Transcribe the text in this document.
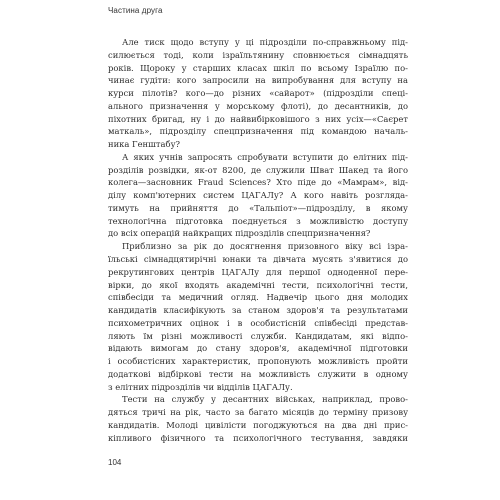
Частина друга

Але тиск щодо вступу у ці підрозділи по-справжньому під-
силюється тоді, коли ізраїльтянину сповнюється сімнадцять
років. Щороку у старших класах шкіл по всьому Ізраїлю по-
чинає гудіти: кого запросили на випробування для вступу на
курси пілотів? кого—до різних «сайарот» (підрозділи спеці-
ального призначення у морському флоті), до десантників, до
піхотних бригад, ну і до найвибірковішого з них усіх—«Саєрет
маткаль», підрозділу спецпризначення під командою началь-
ника Генштабу?

А яких учнів запросять спробувати вступити до елітних під-
розділів розвідки, як-от 8200, де служили Шват Шакед та його
колега—засновник Fraud Sciences? Хто піде до «Мамрам», від-
ділу комп'ютерних систем ЦАГАЛу? А кого навіть розгляда-
тимуть на прийняття до «Тальпіот»—підрозділу, в якому
технологічна підготовка поєднується з можливістю доступу
до всіх операцій найкращих підрозділів спецпризначення?

Приблизно за рік до досягнення призовного віку всі ізра-
їльські сімнадцятирічні юнаки та дівчата мусять з'явитися до
рекрутингових центрів ЦАГАЛу для першої одноденної пере-
вірки, до якої входять академічні тести, психологічні тести,
співбесіди та медичний огляд. Надвечір цього дня молодих
кандидатів класифікують за станом здоров'я та результатами
психометричних оцінок і в особистісній співбесіді представ-
ляють їм різні можливості служби. Кандидатам, які відпо-
відають вимогам до стану здоров'я, академічної підготовки
і особистісних характеристик, пропонують можливість пройти
додаткові відбіркові тести на можливість служити в одному
з елітних підрозділів чи відділів ЦАГАЛу.

Тести на службу у десантних військах, наприклад, прово-
дяться тричі на рік, часто за багато місяців до терміну призову
кандидатів. Молоді цивілісти погоджуються на два дні прис-
кіпливого фізичного та психологічного тестування, завдяки

104
